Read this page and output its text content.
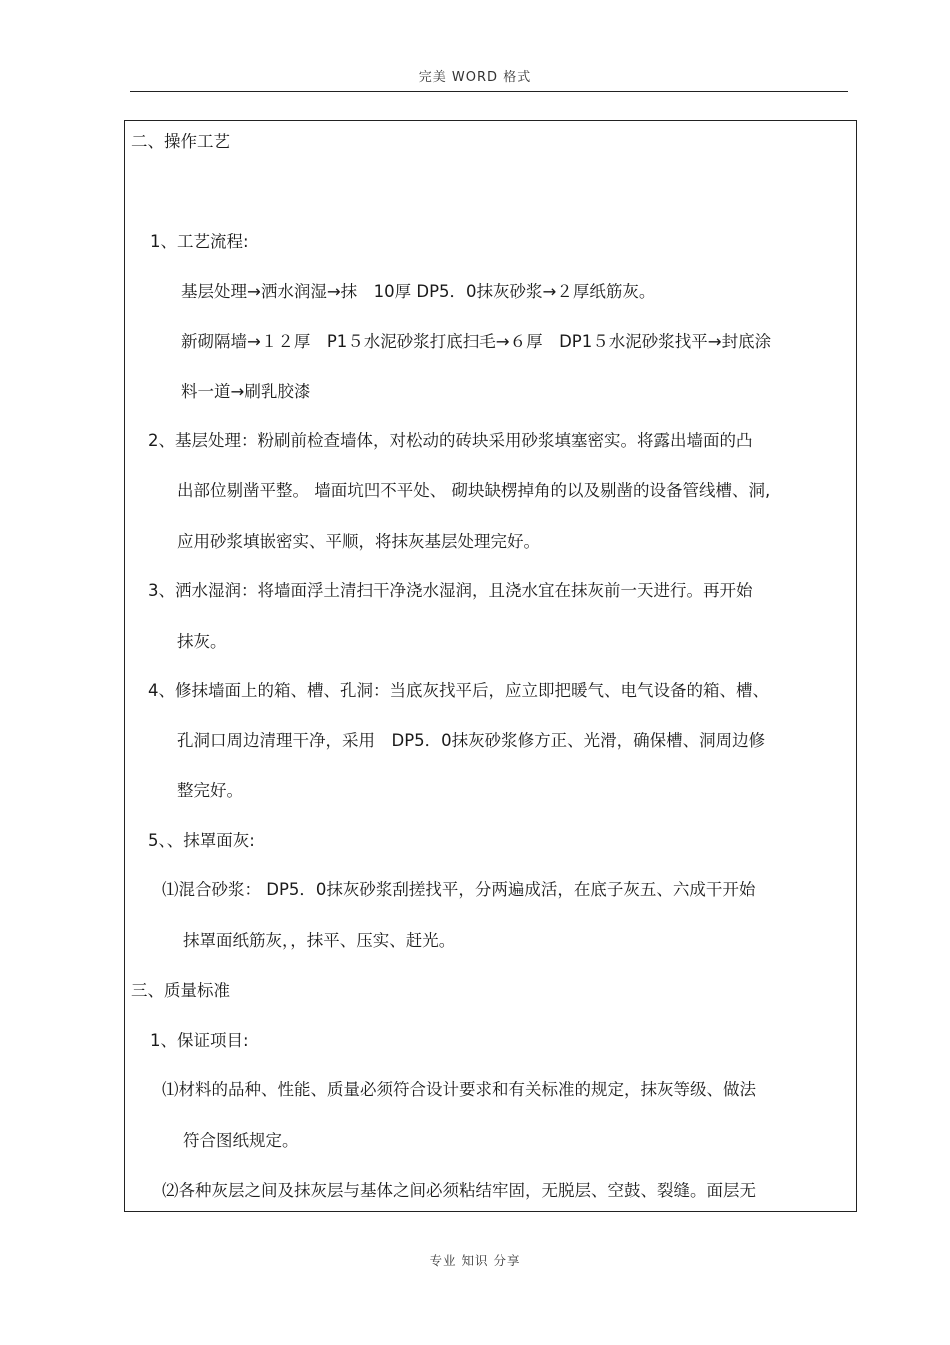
完美 WORD 格式
二、操作工艺
1、工艺流程:
基层处理→洒水润湿→抹　10厚 DP5．0抹灰砂浆→２厚纸筋灰。
新砌隔墙→１２厚　P1５水泥砂浆打底扫毛→６厚　DP1５水泥砂浆找平→封底涂
料一道→刷乳胶漆
2、基层处理：粉刷前检查墙体，对松动的砖块采用砂浆填塞密实。将露出墙面的凸
出部位剔凿平整。 墙面坑凹不平处、 砌块缺楞掉角的以及剔凿的设备管线槽、洞,
应用砂浆填嵌密实、平顺，将抹灰基层处理完好。
3、洒水湿润：将墙面浮土清扫干净浇水湿润，且浇水宜在抹灰前一天进行。再开始
抹灰。
4、修抹墙面上的箱、槽、孔洞：当底灰找平后，应立即把暖气、电气设备的箱、槽、
孔洞口周边清理干净，采用　DP5．0抹灰砂浆修方正、光滑，确保槽、洞周边修
整完好。
5、、抹罩面灰:
⑴混合砂浆： DP5．0抹灰砂浆刮搓找平，分两遍成活，在底子灰五、六成干开始
抹罩面纸筋灰，，抹平、压实、赶光。
三、质量标准
1、保证项目:
⑴材料的品种、性能、质量必须符合设计要求和有关标准的规定，抹灰等级、做法
符合图纸规定。
⑵各种灰层之间及抹灰层与基体之间必须粘结牢固，无脱层、空鼓、裂缝。面层无
专业 知识 分享
